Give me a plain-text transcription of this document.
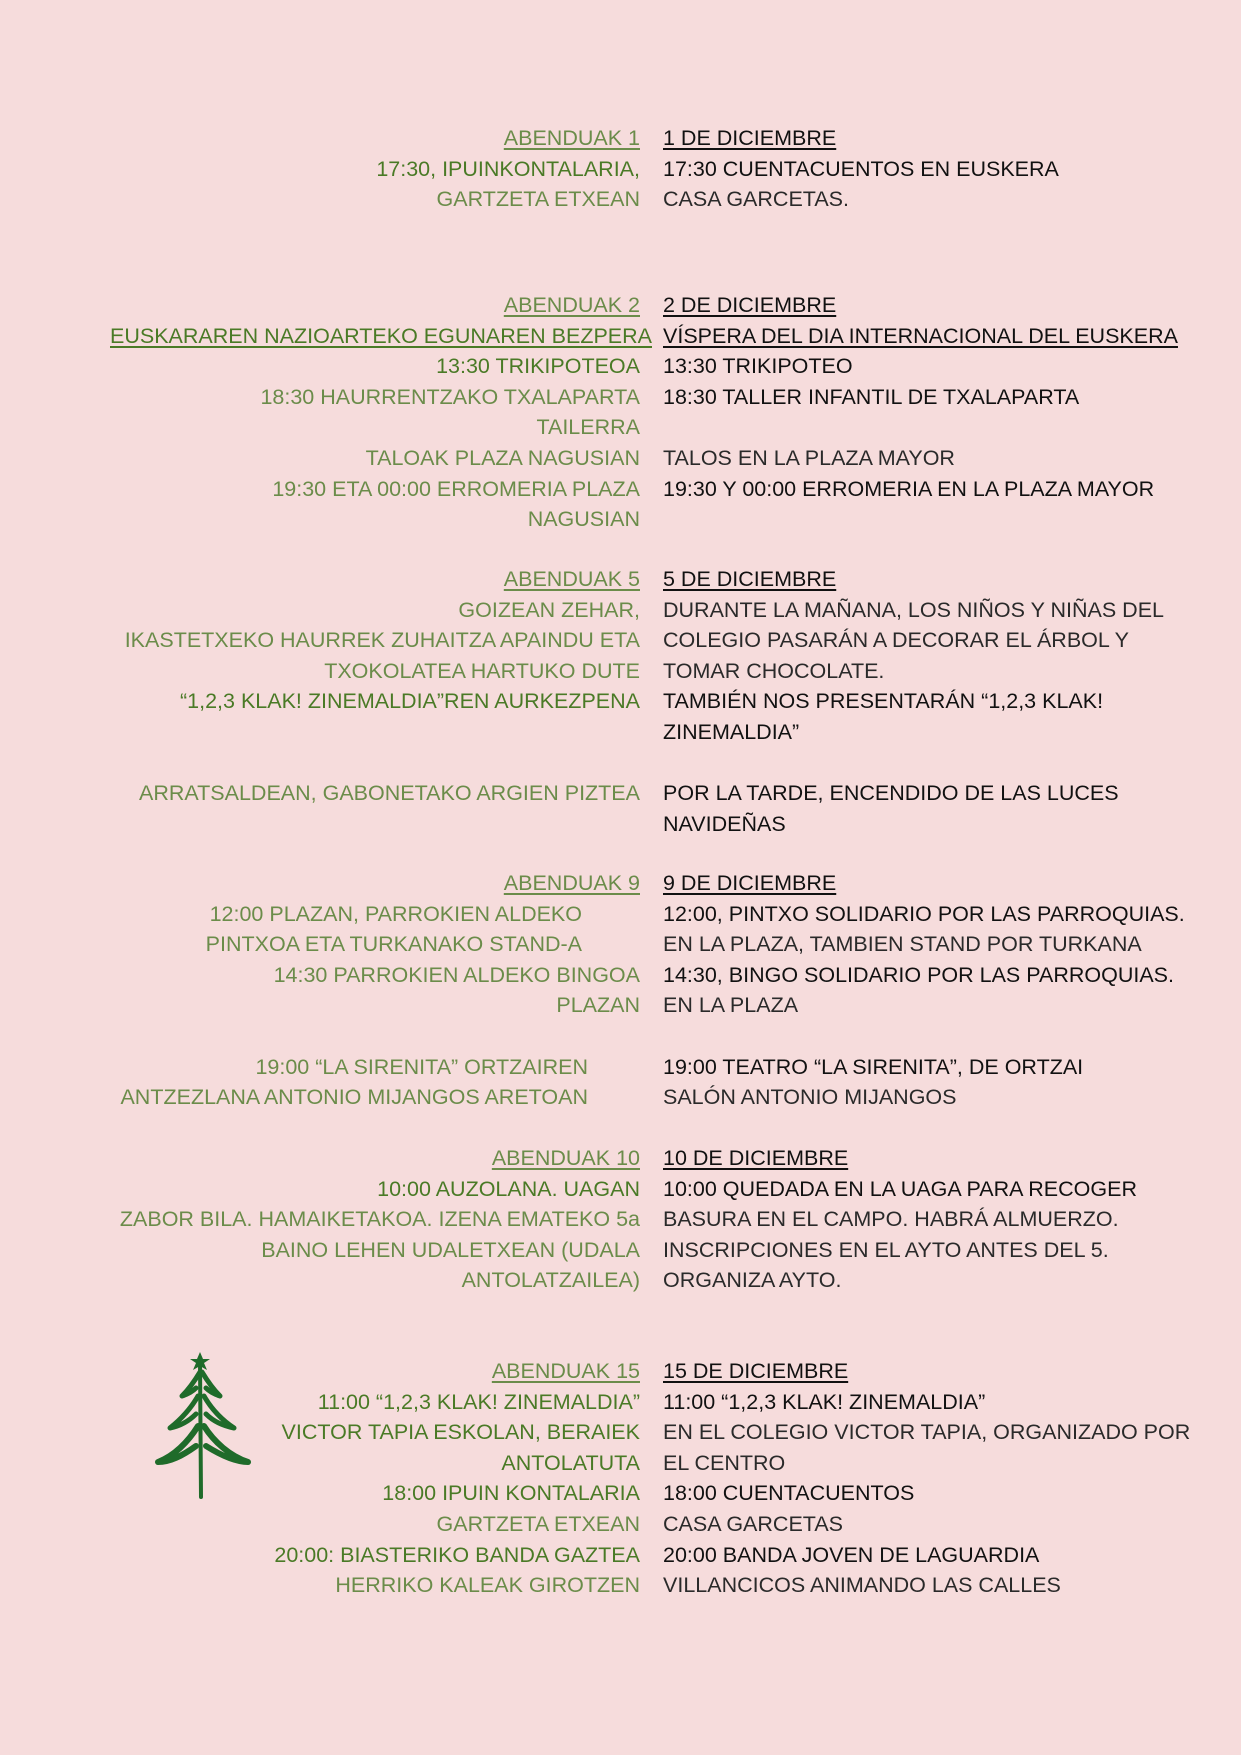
ABENDUAK 1
17:30, IPUINKONTALARIA,
GARTZETA ETXEAN
1 DE DICIEMBRE
17:30 CUENTACUENTOS EN EUSKERA
CASA GARCETAS.
ABENDUAK 2
EUSKARAREN NAZIOARTEKO EGUNAREN BEZPERA
13:30 TRIKIPOTEOA
18:30 HAURRENTZAKO TXALAPARTA
TAILERRA
TALOAK PLAZA NAGUSIAN
19:30 ETA 00:00 ERROMERIA PLAZA
NAGUSIAN
2 DE DICIEMBRE
VÍSPERA DEL DIA INTERNACIONAL DEL EUSKERA
13:30 TRIKIPOTEO
18:30 TALLER INFANTIL DE TXALAPARTA
TALOS EN LA PLAZA MAYOR
19:30 Y 00:00 ERROMERIA EN LA PLAZA MAYOR
ABENDUAK 5
GOIZEAN ZEHAR,
IKASTETXEKO HAURREK ZUHAITZA APAINDU ETA
TXOKOLATEA HARTUKO DUTE
“1,2,3 KLAK! ZINEMALDIA”REN AURKEZPENA
ARRATSALDEAN, GABONETAKO ARGIEN PIZTEA
5 DE DICIEMBRE
DURANTE LA MAÑANA, LOS NIÑOS Y NIÑAS DEL
COLEGIO PASARÁN A DECORAR EL ÁRBOL Y
TOMAR CHOCOLATE.
TAMBIÉN NOS PRESENTARÁN “1,2,3 KLAK!
ZINEMALDIA”
POR LA TARDE, ENCENDIDO DE LAS LUCES
NAVIDEÑAS
ABENDUAK 9
12:00 PLAZAN, PARROKIEN ALDEKO
PINTXOA ETA TURKANAKO STAND-A
14:30 PARROKIEN ALDEKO BINGOA
PLAZAN
19:00 “LA SIRENITA” ORTZAIREN
ANTZEZLANA ANTONIO MIJANGOS ARETOAN
9 DE DICIEMBRE
12:00, PINTXO SOLIDARIO POR LAS PARROQUIAS.
EN LA PLAZA, TAMBIEN STAND POR TURKANA
14:30, BINGO SOLIDARIO POR LAS PARROQUIAS.
EN LA PLAZA
19:00 TEATRO “LA SIRENITA”, DE ORTZAI
SALÓN ANTONIO MIJANGOS
ABENDUAK 10
10:00 AUZOLANA. UAGAN
ZABOR BILA. HAMAIKETAKOA. IZENA EMATEKO 5a
BAINO LEHEN UDALETXEAN (UDALA
ANTOLATZAILEA)
10 DE DICIEMBRE
10:00 QUEDADA EN LA UAGA PARA RECOGER
BASURA EN EL CAMPO. HABRÁ ALMUERZO.
INSCRIPCIONES EN EL AYTO ANTES DEL 5.
ORGANIZA AYTO.
ABENDUAK 15
11:00 “1,2,3 KLAK! ZINEMALDIA”
VICTOR TAPIA ESKOLAN, BERAIEK
ANTOLATUTA
18:00 IPUIN KONTALARIA
GARTZETA ETXEAN
20:00: BIASTERIKO BANDA GAZTEA
HERRIKO KALEAK GIROTZEN
15 DE DICIEMBRE
11:00 “1,2,3 KLAK! ZINEMALDIA”
EN EL COLEGIO VICTOR TAPIA, ORGANIZADO POR
EL CENTRO
18:00 CUENTACUENTOS
CASA GARCETAS
20:00 BANDA JOVEN DE LAGUARDIA
VILLANCICOS ANIMANDO LAS CALLES
